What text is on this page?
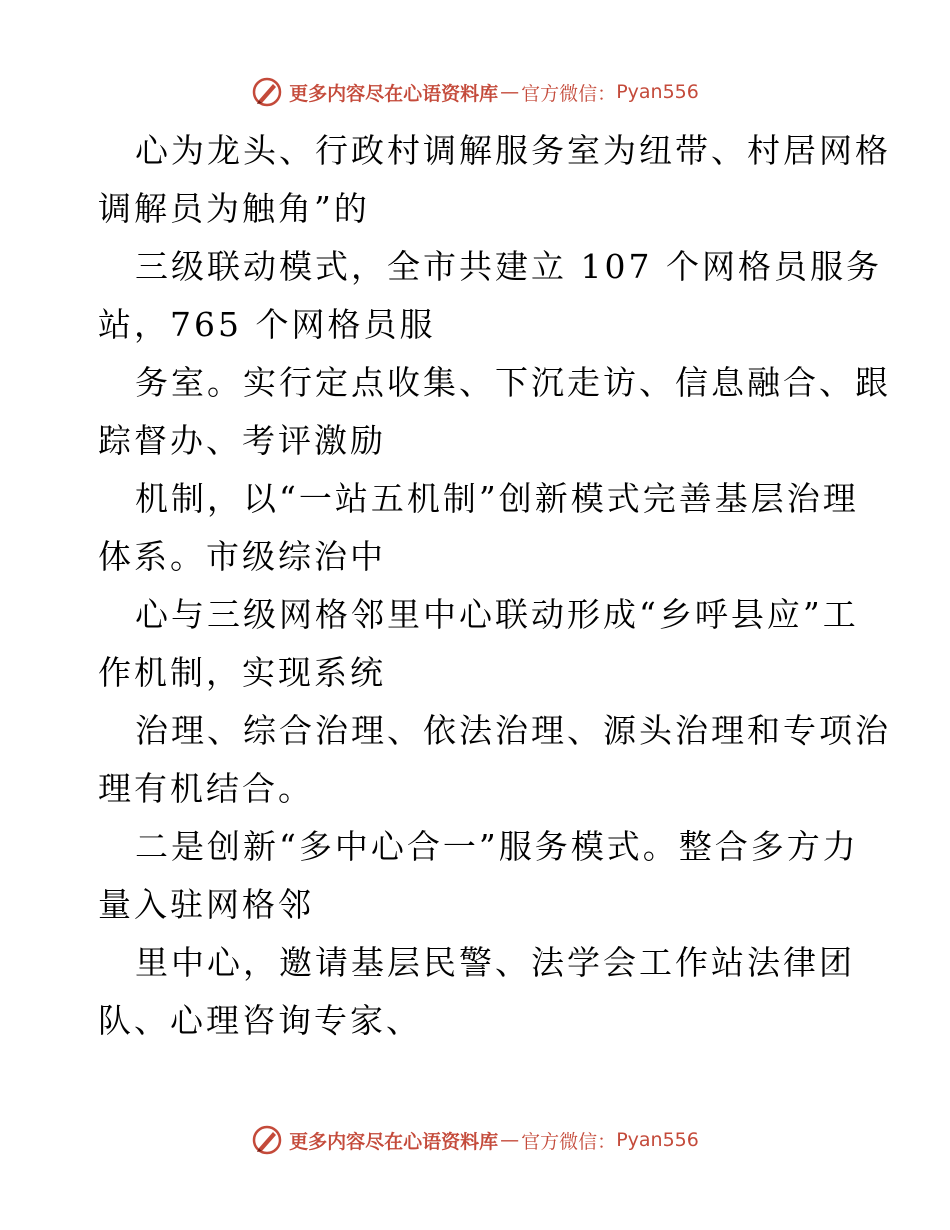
更多内容尽在心语资料库 — 官方微信： Pyan556
心为龙头、行政村调解服务室为纽带、村居网格
调解员为触角”的
三级联动模式，全市共建立 107 个网格员服务
站，765 个网格员服
务室。实行定点收集、下沉走访、信息融合、跟
踪督办、考评激励
机制，以“一站五机制”创新模式完善基层治理
体系。市级综治中
心与三级网格邻里中心联动形成“乡呼县应”工
作机制，实现系统
治理、综合治理、依法治理、源头治理和专项治
理有机结合。
二是创新“多中心合一”服务模式。整合多方力
量入驻网格邻
里中心，邀请基层民警、法学会工作站法律团
队、心理咨询专家、
更多内容尽在心语资料库 — 官方微信： Pyan556
